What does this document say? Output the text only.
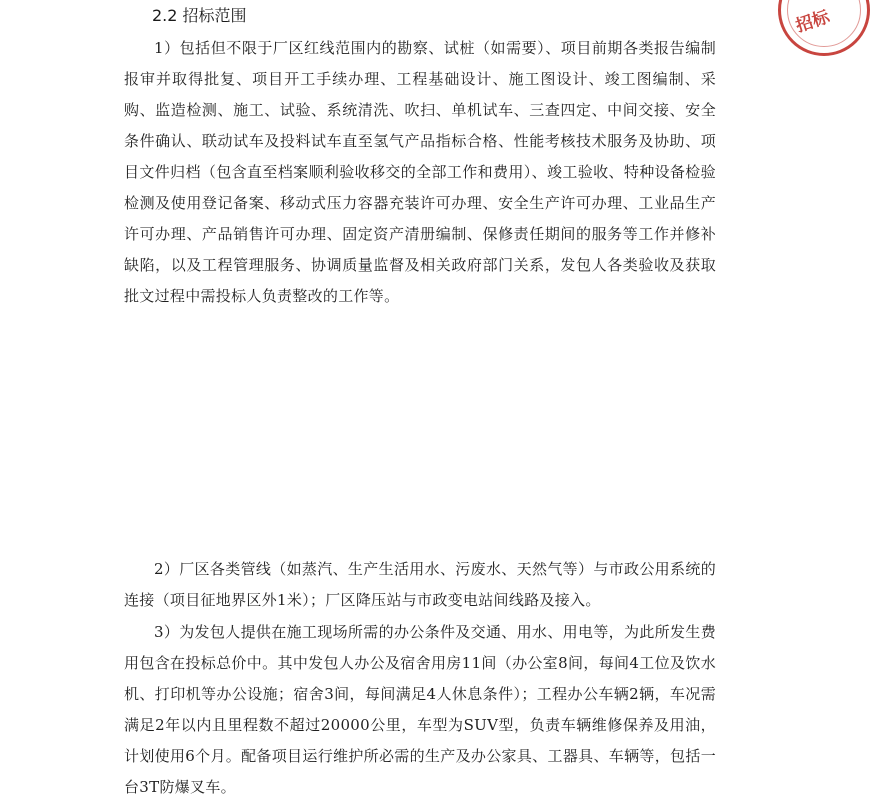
2.2 招标范围

1）包括但不限于厂区红线范围内的勘察、试桩（如需要）、项目前期各类报告编制报审并取得批复、项目开工手续办理、工程基础设计、施工图设计、竣工图编制、采购、监造检测、施工、试验、系统清洗、吹扫、单机试车、三查四定、中间交接、安全条件确认、联动试车及投料试车直至氢气产品指标合格、性能考核技术服务及协助、项目文件归档（包含直至档案顺利验收移交的全部工作和费用）、竣工验收、特种设备检验检测及使用登记备案、移动式压力容器充装许可办理、安全生产许可办理、工业品生产许可办理、产品销售许可办理、固定资产清册编制、保修责任期间的服务等工作并修补缺陷，以及工程管理服务、协调质量监督及相关政府部门关系，发包人各类验收及获取批文过程中需投标人负责整改的工作等。

2）厂区各类管线（如蒸汽、生产生活用水、污废水、天然气等）与市政公用系统的连接（项目征地界区外1米）；厂区降压站与市政变电站间线路及接入。

3）为发包人提供在施工现场所需的办公条件及交通、用水、用电等，为此所发生费用包含在投标总价中。其中发包人办公及宿舍用房11间（办公室8间，每间4工位及饮水机、打印机等办公设施；宿舍3间，每间满足4人休息条件）；工程办公车辆2辆，车况需满足2年以内且里程数不超过20000公里，车型为SUV型，负责车辆维修保养及用油，计划使用6个月。配备项目运行维护所必需的生产及办公家具、工器具、车辆等，包括一台3T防爆叉车。

招标
